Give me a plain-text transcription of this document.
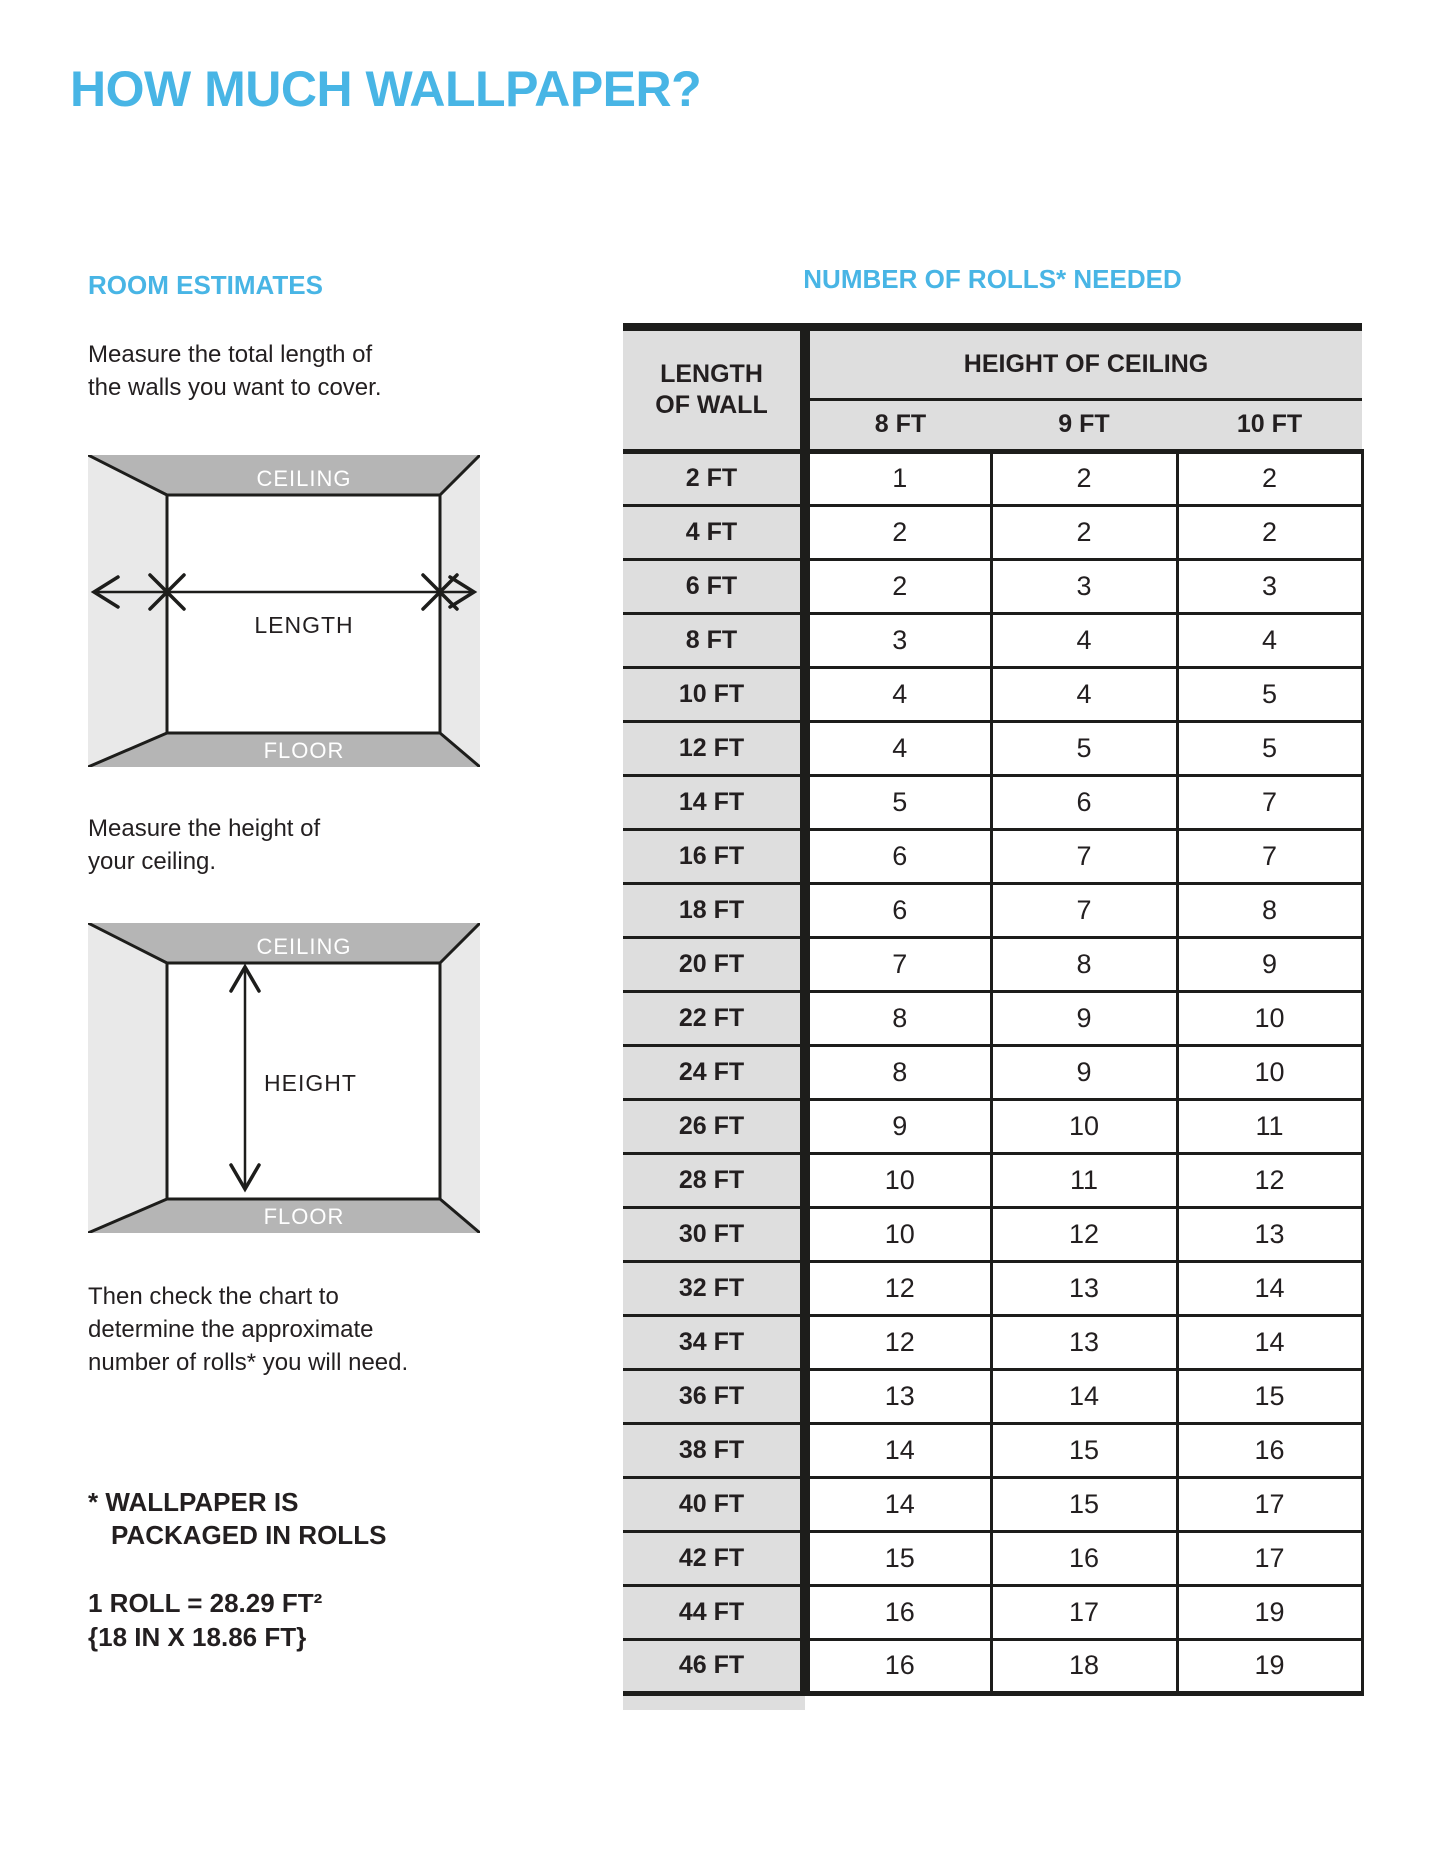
HOW MUCH WALLPAPER?
ROOM ESTIMATES
Measure the total length of
the walls you want to cover.
CEILING
FLOOR
LENGTH
Measure the height of
your ceiling.
CEILING
FLOOR
HEIGHT
Then check the chart to
determine the approximate
number of rolls* you will need.
* WALLPAPER IS
PACKAGED IN ROLLS
1 ROLL = 28.29 FT²
{18 IN X 18.86 FT}
NUMBER OF ROLLS* NEEDED
LENGTH
OF WALL	HEIGHT OF CEILING		
	8 FT	9 FT	10 FT
2 FT	1	2	2
4 FT	2	2	2
6 FT	2	3	3
8 FT	3	4	4
10 FT	4	4	5
12 FT	4	5	5
14 FT	5	6	7
16 FT	6	7	7
18 FT	6	7	8
20 FT	7	8	9
22 FT	8	9	10
24 FT	8	9	10
26 FT	9	10	11
28 FT	10	11	12
30 FT	10	12	13
32 FT	12	13	14
34 FT	12	13	14
36 FT	13	14	15
38 FT	14	15	16
40 FT	14	15	17
42 FT	15	16	17
44 FT	16	17	19
46 FT	16	18	19
